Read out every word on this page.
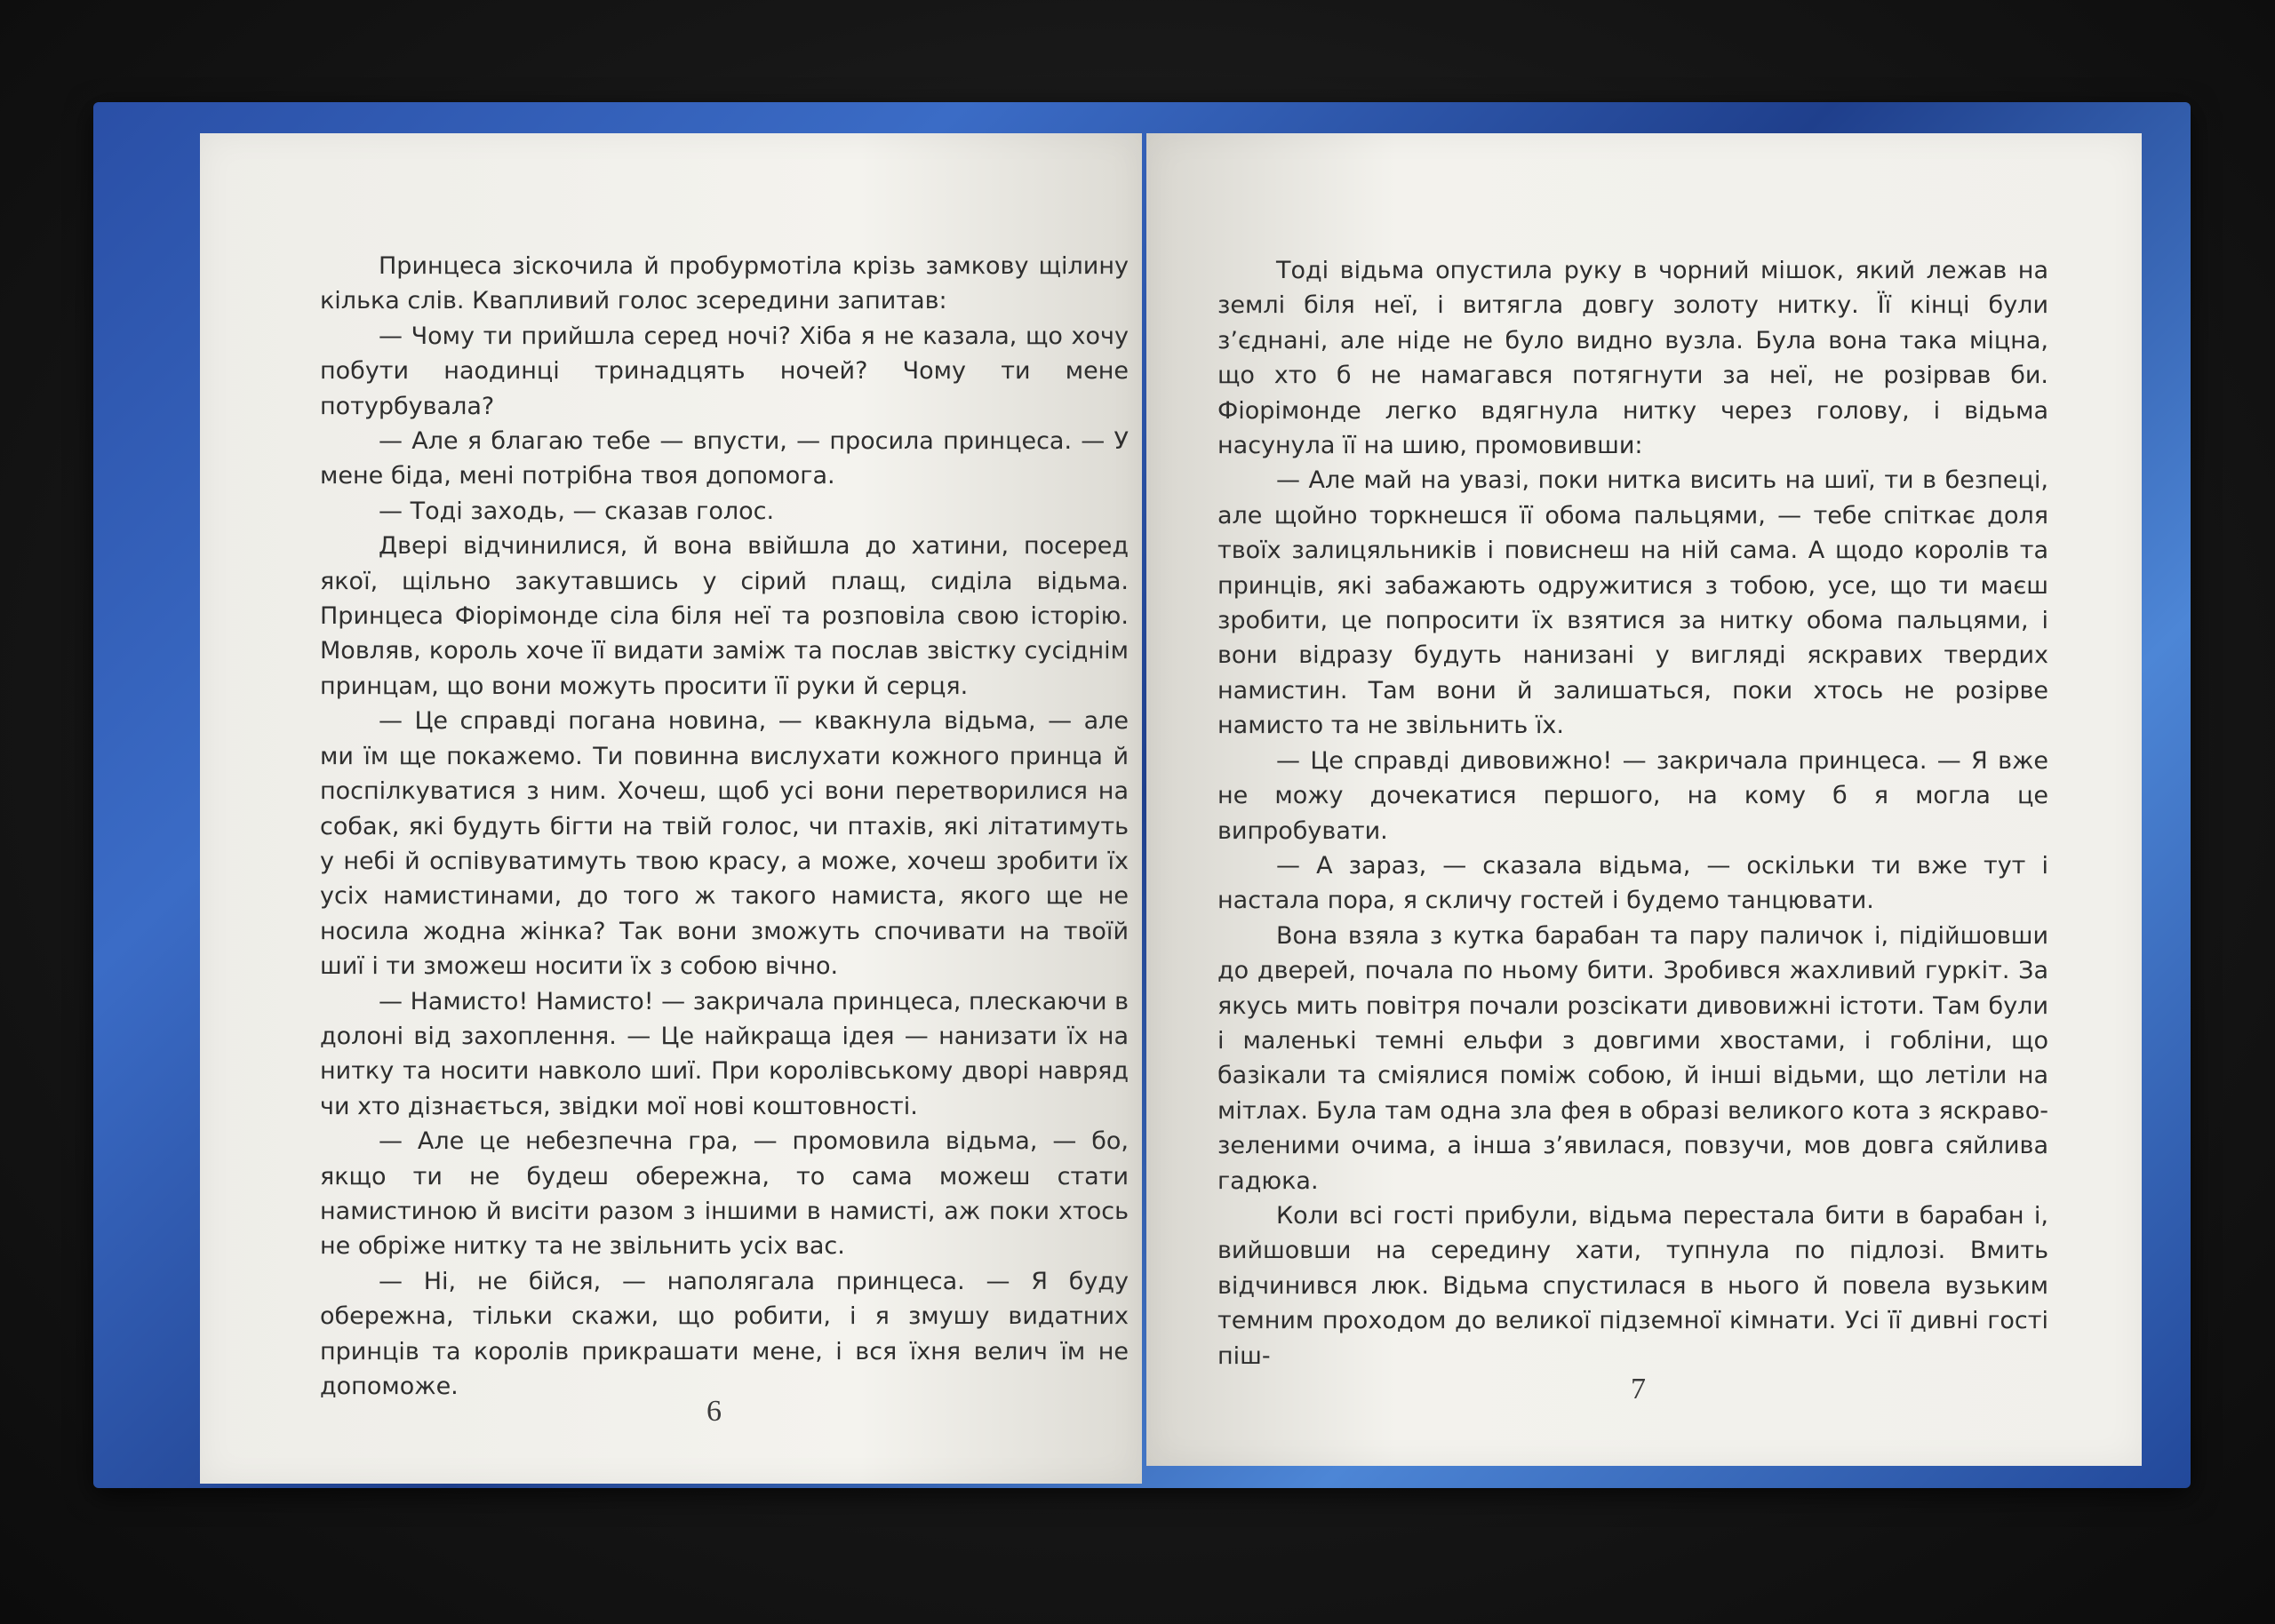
Принцеса зіскочила й пробурмотіла крізь замкову щілину кілька слів. Квапливий голос зсередини запитав:

— Чому ти прийшла серед ночі? Хіба я не казала, що хочу побути наодинці тринадцять ночей? Чому ти мене потурбувала?

— Але я благаю тебе — впусти, — просила принцеса. — У мене біда, мені потрібна твоя допомога.

— Тоді заходь, — сказав голос.

Двері відчинилися, й вона ввійшла до хатини, посеред якої, щільно закутавшись у сірий плащ, сиділа відьма. Принцеса Фіорімонде сіла біля неї та розповіла свою історію. Мовляв, король хоче її видати заміж та послав звістку сусіднім принцам, що вони можуть просити її руки й серця.

— Це справді погана новина, — квакнула відьма, — але ми їм ще покажемо. Ти повинна вислухати кожного принца й поспілкуватися з ним. Хочеш, щоб усі вони перетворилися на собак, які будуть бігти на твій голос, чи птахів, які літатимуть у небі й оспівуватимуть твою красу, а може, хочеш зробити їх усіх намистинами, до того ж такого намиста, якого ще не носила жодна жінка? Так вони зможуть спочивати на твоїй шиї і ти зможеш носити їх з собою вічно.

— Намисто! Намисто! — закричала принцеса, плескаючи в долоні від захоплення. — Це найкраща ідея — нанизати їх на нитку та носити навколо шиї. При королівському дворі навряд чи хто дізнається, звідки мої нові коштовності.

— Але це небезпечна гра, — промовила відьма, — бо, якщо ти не будеш обережна, то сама можеш стати намистиною й висіти разом з іншими в намисті, аж поки хтось не обріже нитку та не звільнить усіх вас.

— Ні, не бійся, — наполягала принцеса. — Я буду обережна, тільки скажи, що робити, і я змушу видатних принців та королів прикрашати мене, і вся їхня велич їм не допоможе.

6

Тоді відьма опустила руку в чорний мішок, який лежав на землі біля неї, і витягла довгу золоту нитку. Її кінці були з’єднані, але ніде не було видно вузла. Була вона така міцна, що хто б не намагався потягнути за неї, не розірвав би. Фіорімонде легко вдягнула нитку через голову, і відьма насунула її на шию, промовивши:

— Але май на увазі, поки нитка висить на шиї, ти в безпеці, але щойно торкнешся її обома пальцями, — тебе спіткає доля твоїх залицяльників і повиснеш на ній сама. А щодо королів та принців, які забажають одружитися з тобою, усе, що ти маєш зробити, це попросити їх взятися за нитку обома пальцями, і вони відразу будуть нанизані у вигляді яскравих твердих намистин. Там вони й залишаться, поки хтось не розірве намисто та не звільнить їх.

— Це справді дивовижно! — закричала принцеса. — Я вже не можу дочекатися першого, на кому б я могла це випробувати.

— А зараз, — сказала відьма, — оскільки ти вже тут і настала пора, я скличу гостей і будемо танцювати.

Вона взяла з кутка барабан та пару паличок і, підійшовши до дверей, почала по ньому бити. Зробився жахливий гуркіт. За якусь мить повітря почали розсікати дивовижні істоти. Там були і маленькі темні ельфи з довгими хвостами, і гобліни, що базікали та сміялися поміж собою, й інші відьми, що летіли на мітлах. Була там одна зла фея в образі великого кота з яскраво-зеленими очима, а інша з’явилася, повзучи, мов довга сяйлива гадюка.

Коли всі гості прибули, відьма перестала бити в барабан і, вийшовши на середину хати, тупнула по підлозі. Вмить відчинився люк. Відьма спустилася в нього й повела вузьким темним проходом до великої підземної кімнати. Усі її дивні гості піш-

7
